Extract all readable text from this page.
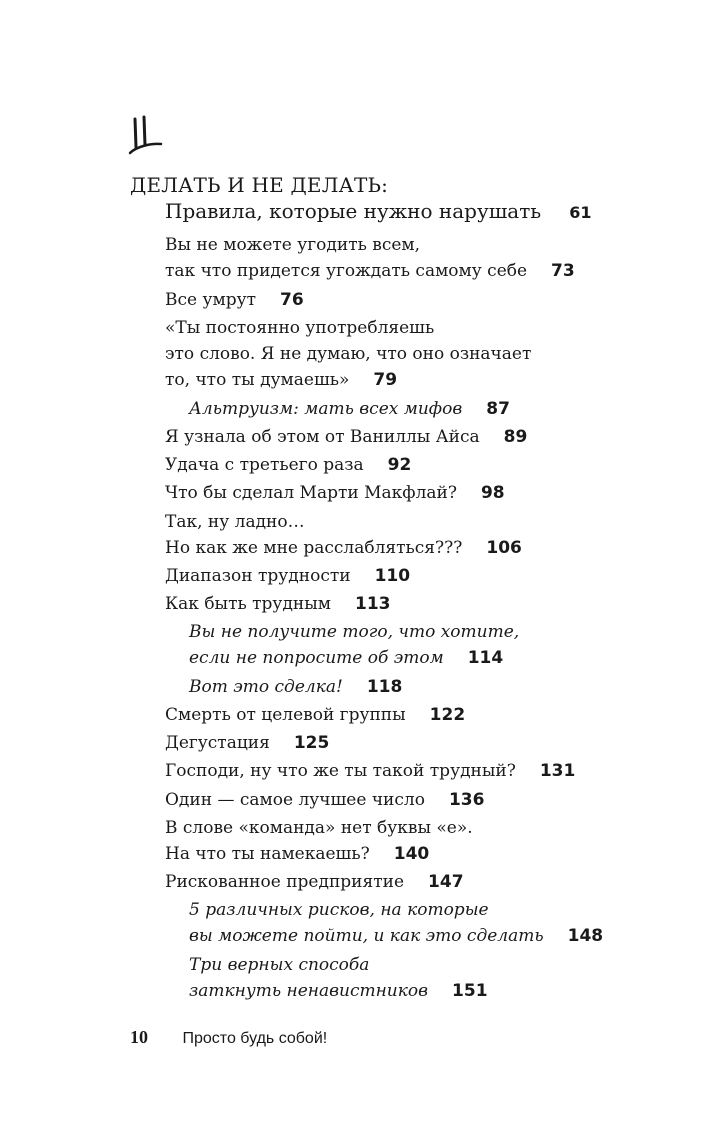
ДЕЛАТЬ И НЕ ДЕЛАТЬ:
Правила, которые нужно нарушать 61
Вы не можете угодить всем,
так что придется угождать самому себе 73
Все умрут 76
«Ты постоянно употребляешь
это слово. Я не думаю, что оно означает
то, что ты думаешь» 79
Альтруизм: мать всех мифов 87
Я узнала об этом от Ваниллы Айса 89
Удача с третьего раза 92
Что бы сделал Марти Макфлай? 98
Так, ну ладно…
Но как же мне расслабляться??? 106
Диапазон трудности 110
Как быть трудным 113
Вы не получите того, что хотите,
если не попросите об этом 114
Вот это сделка! 118
Смерть от целевой группы 122
Дегустация 125
Господи, ну что же ты такой трудный? 131
Один — самое лучшее число 136
В слове «команда» нет буквы «е».
На что ты намекаешь? 140
Рискованное предприятие 147
5 различных рисков, на которые
вы можете пойти, и как это сделать 148
Три верных способа
заткнуть ненавистников 151
10 Просто будь собой!
